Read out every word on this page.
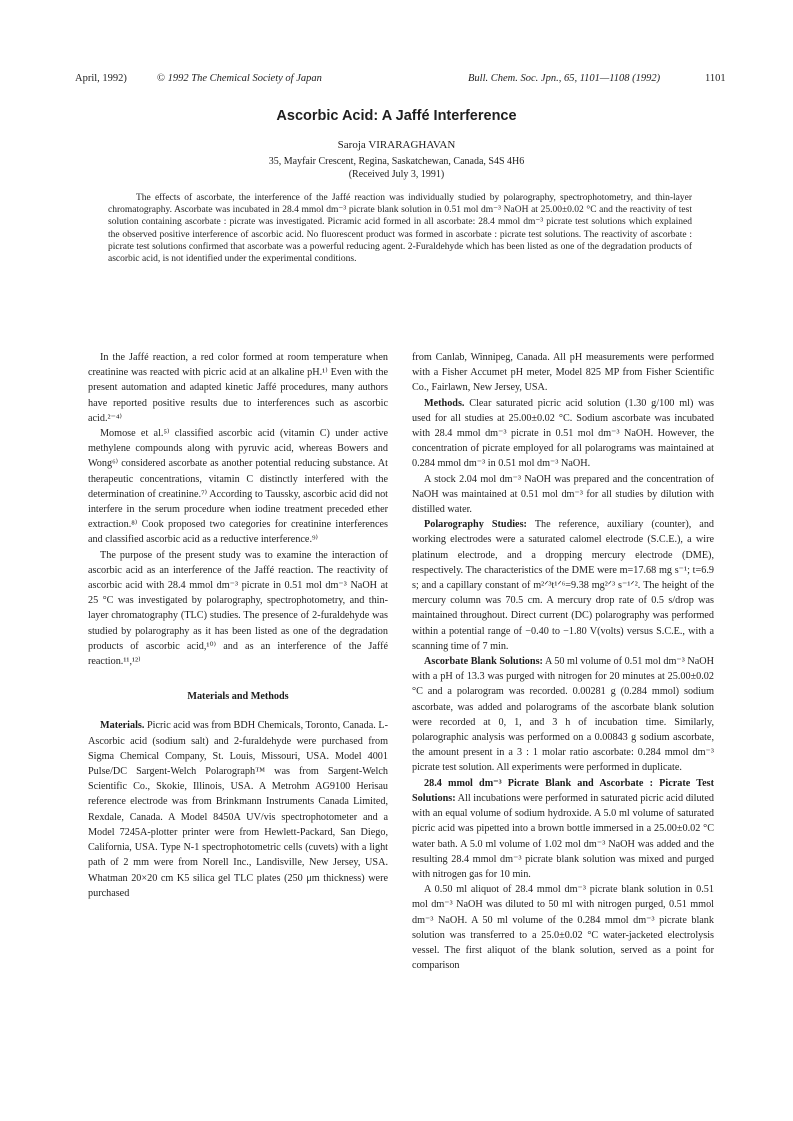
April, 1992)	© 1992 The Chemical Society of Japan	Bull. Chem. Soc. Jpn., 65, 1101—1108 (1992)	1101
Ascorbic Acid: A Jaffé Interference
Saroja VIRARAGHAVAN
35, Mayfair Crescent, Regina, Saskatchewan, Canada, S4S 4H6
(Received July 3, 1991)

The effects of ascorbate, the interference of the Jaffé reaction was individually studied by polarography, spectrophotometry, and thin-layer chromatography. Ascorbate was incubated in 28.4 mmol dm⁻³ picrate blank solution in 0.51 mol dm⁻³ NaOH at 25.00±0.02 °C and the reactivity of test solution containing ascorbate : picrate was investigated. Picramic acid formed in all ascorbate: 28.4 mmol dm⁻³ picrate test solutions which explained the observed positive interference of ascorbic acid. No fluorescent product was formed in ascorbate : picrate test solutions. The reactivity of ascorbate : picrate test solutions confirmed that ascorbate was a powerful reducing agent. 2-Furaldehyde which has been listed as one of the degradation products of ascorbic acid, is not identified under the experimental conditions.

In the Jaffé reaction, a red color formed at room temperature when creatinine was reacted with picric acid at an alkaline pH.¹⁾ Even with the present automation and adapted kinetic Jaffé procedures, many authors have reported positive results due to interferences such as ascorbic acid.²⁻⁴⁾

Momose et al.⁵⁾ classified ascorbic acid (vitamin C) under active methylene compounds along with pyruvic acid, whereas Bowers and Wong⁶⁾ considered ascorbate as another potential reducing substance. At therapeutic concentrations, vitamin C distinctly interfered with the determination of creatinine.⁷⁾ According to Taussky, ascorbic acid did not interfere in the serum procedure when iodine treatment preceded ether extraction.⁸⁾ Cook proposed two categories for creatinine interferences and classified ascorbic acid as a reductive interference.⁹⁾

The purpose of the present study was to examine the interaction of ascorbic acid as an interference of the Jaffé reaction. The reactivity of ascorbic acid with 28.4 mmol dm⁻³ picrate in 0.51 mol dm⁻³ NaOH at 25 °C was investigated by polarography, spectrophotometry, and thin-layer chromatography (TLC) studies. The presence of 2-furaldehyde was studied by polarography as it has been listed as one of the degradation products of ascorbic acid,¹⁰⁾ and as an interference of the Jaffé reaction.¹¹,¹²⁾

Materials and Methods

Materials. Picric acid was from BDH Chemicals, Toronto, Canada. L-Ascorbic acid (sodium salt) and 2-furaldehyde were purchased from Sigma Chemical Company, St. Louis, Missouri, USA. Model 4001 Pulse/DC Sargent-Welch Polarograph™ was from Sargent-Welch Scientific Co., Skokie, Illinois, USA. A Metrohm AG9100 Herisau reference electrode was from Brinkmann Instruments Canada Limited, Rexdale, Canada. A Model 8450A UV/vis spectrophotometer and a Model 7245A-plotter printer were from Hewlett-Packard, San Diego, California, USA. Type N-1 spectrophotometric cells (cuvets) with a light path of 2 mm were from Norell Inc., Landisville, New Jersey, USA. Whatman 20×20 cm K5 silica gel TLC plates (250 μm thickness) were purchased

from Canlab, Winnipeg, Canada. All pH measurements were performed with a Fisher Accumet pH meter, Model 825 MP from Fisher Scientific Co., Fairlawn, New Jersey, USA.

Methods. Clear saturated picric acid solution (1.30 g/100 ml) was used for all studies at 25.00±0.02 °C. Sodium ascorbate was incubated with 28.4 mmol dm⁻³ picrate in 0.51 mol dm⁻³ NaOH. However, the concentration of picrate employed for all polarograms was maintained at 0.284 mmol dm⁻³ in 0.51 mol dm⁻³ NaOH.

A stock 2.04 mol dm⁻³ NaOH was prepared and the concentration of NaOH was maintained at 0.51 mol dm⁻³ for all studies by dilution with distilled water.

Polarography Studies: The reference, auxiliary (counter), and working electrodes were a saturated calomel electrode (S.C.E.), a wire platinum electrode, and a dropping mercury electrode (DME), respectively. The characteristics of the DME were m=17.68 mg s⁻¹; t=6.9 s; and a capillary constant of m²ᐟ³t¹ᐟ⁶=9.38 mg²ᐟ³ s⁻¹ᐟ². The height of the mercury column was 70.5 cm. A mercury drop rate of 0.5 s/drop was maintained throughout. Direct current (DC) polarography was performed within a potential range of −0.40 to −1.80 V(volts) versus S.C.E., with a scanning time of 7 min.

Ascorbate Blank Solutions: A 50 ml volume of 0.51 mol dm⁻³ NaOH with a pH of 13.3 was purged with nitrogen for 20 minutes at 25.00±0.02 °C and a polarogram was recorded. 0.00281 g (0.284 mmol) sodium ascorbate, was added and polarograms of the ascorbate blank solution were recorded at 0, 1, and 3 h of incubation time. Similarly, polarographic analysis was performed on a 0.00843 g sodium ascorbate, the amount present in a 3 : 1 molar ratio ascorbate: 0.284 mmol dm⁻³ picrate test solution. All experiments were performed in duplicate.

28.4 mmol dm⁻³ Picrate Blank and Ascorbate : Picrate Test Solutions: All incubations were performed in saturated picric acid diluted with an equal volume of sodium hydroxide. A 5.0 ml volume of saturated picric acid was pipetted into a brown bottle immersed in a 25.00±0.02 °C water bath. A 5.0 ml volume of 1.02 mol dm⁻³ NaOH was added and the resulting 28.4 mmol dm⁻³ picrate blank solution was mixed and purged with nitrogen gas for 10 min.

A 0.50 ml aliquot of 28.4 mmol dm⁻³ picrate blank solution in 0.51 mol dm⁻³ NaOH was diluted to 50 ml with nitrogen purged, 0.51 mmol dm⁻³ NaOH. A 50 ml volume of the 0.284 mmol dm⁻³ picrate blank solution was transferred to a 25.0±0.02 °C water-jacketed electrolysis vessel. The first aliquot of the blank solution, served as a point for comparison
